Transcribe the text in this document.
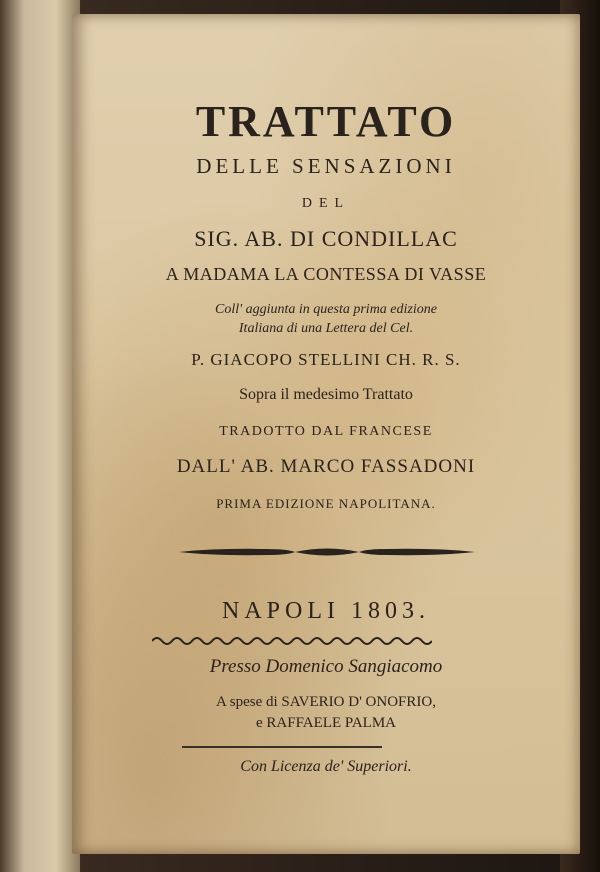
TRATTATO
DELLE SENSAZIONI
DEL
SIG. AB. DI CONDILLAC
A MADAMA LA CONTESSA DI VASSE
Coll' aggiunta in questa prima edizione
Italiana di una Lettera del Cel.
P. GIACOPO STELLINI CH. R. S.
Sopra il medesimo Trattato
TRADOTTO DAL FRANCESE
DALL' AB. MARCO FASSADONI
PRIMA EDIZIONE NAPOLITANA.
NAPOLI 1803.
Presso Domenico Sangiacomo
A spese di SAVERIO D' ONOFRIO,
e RAFFAELE PALMA
Con Licenza de' Superiori.
